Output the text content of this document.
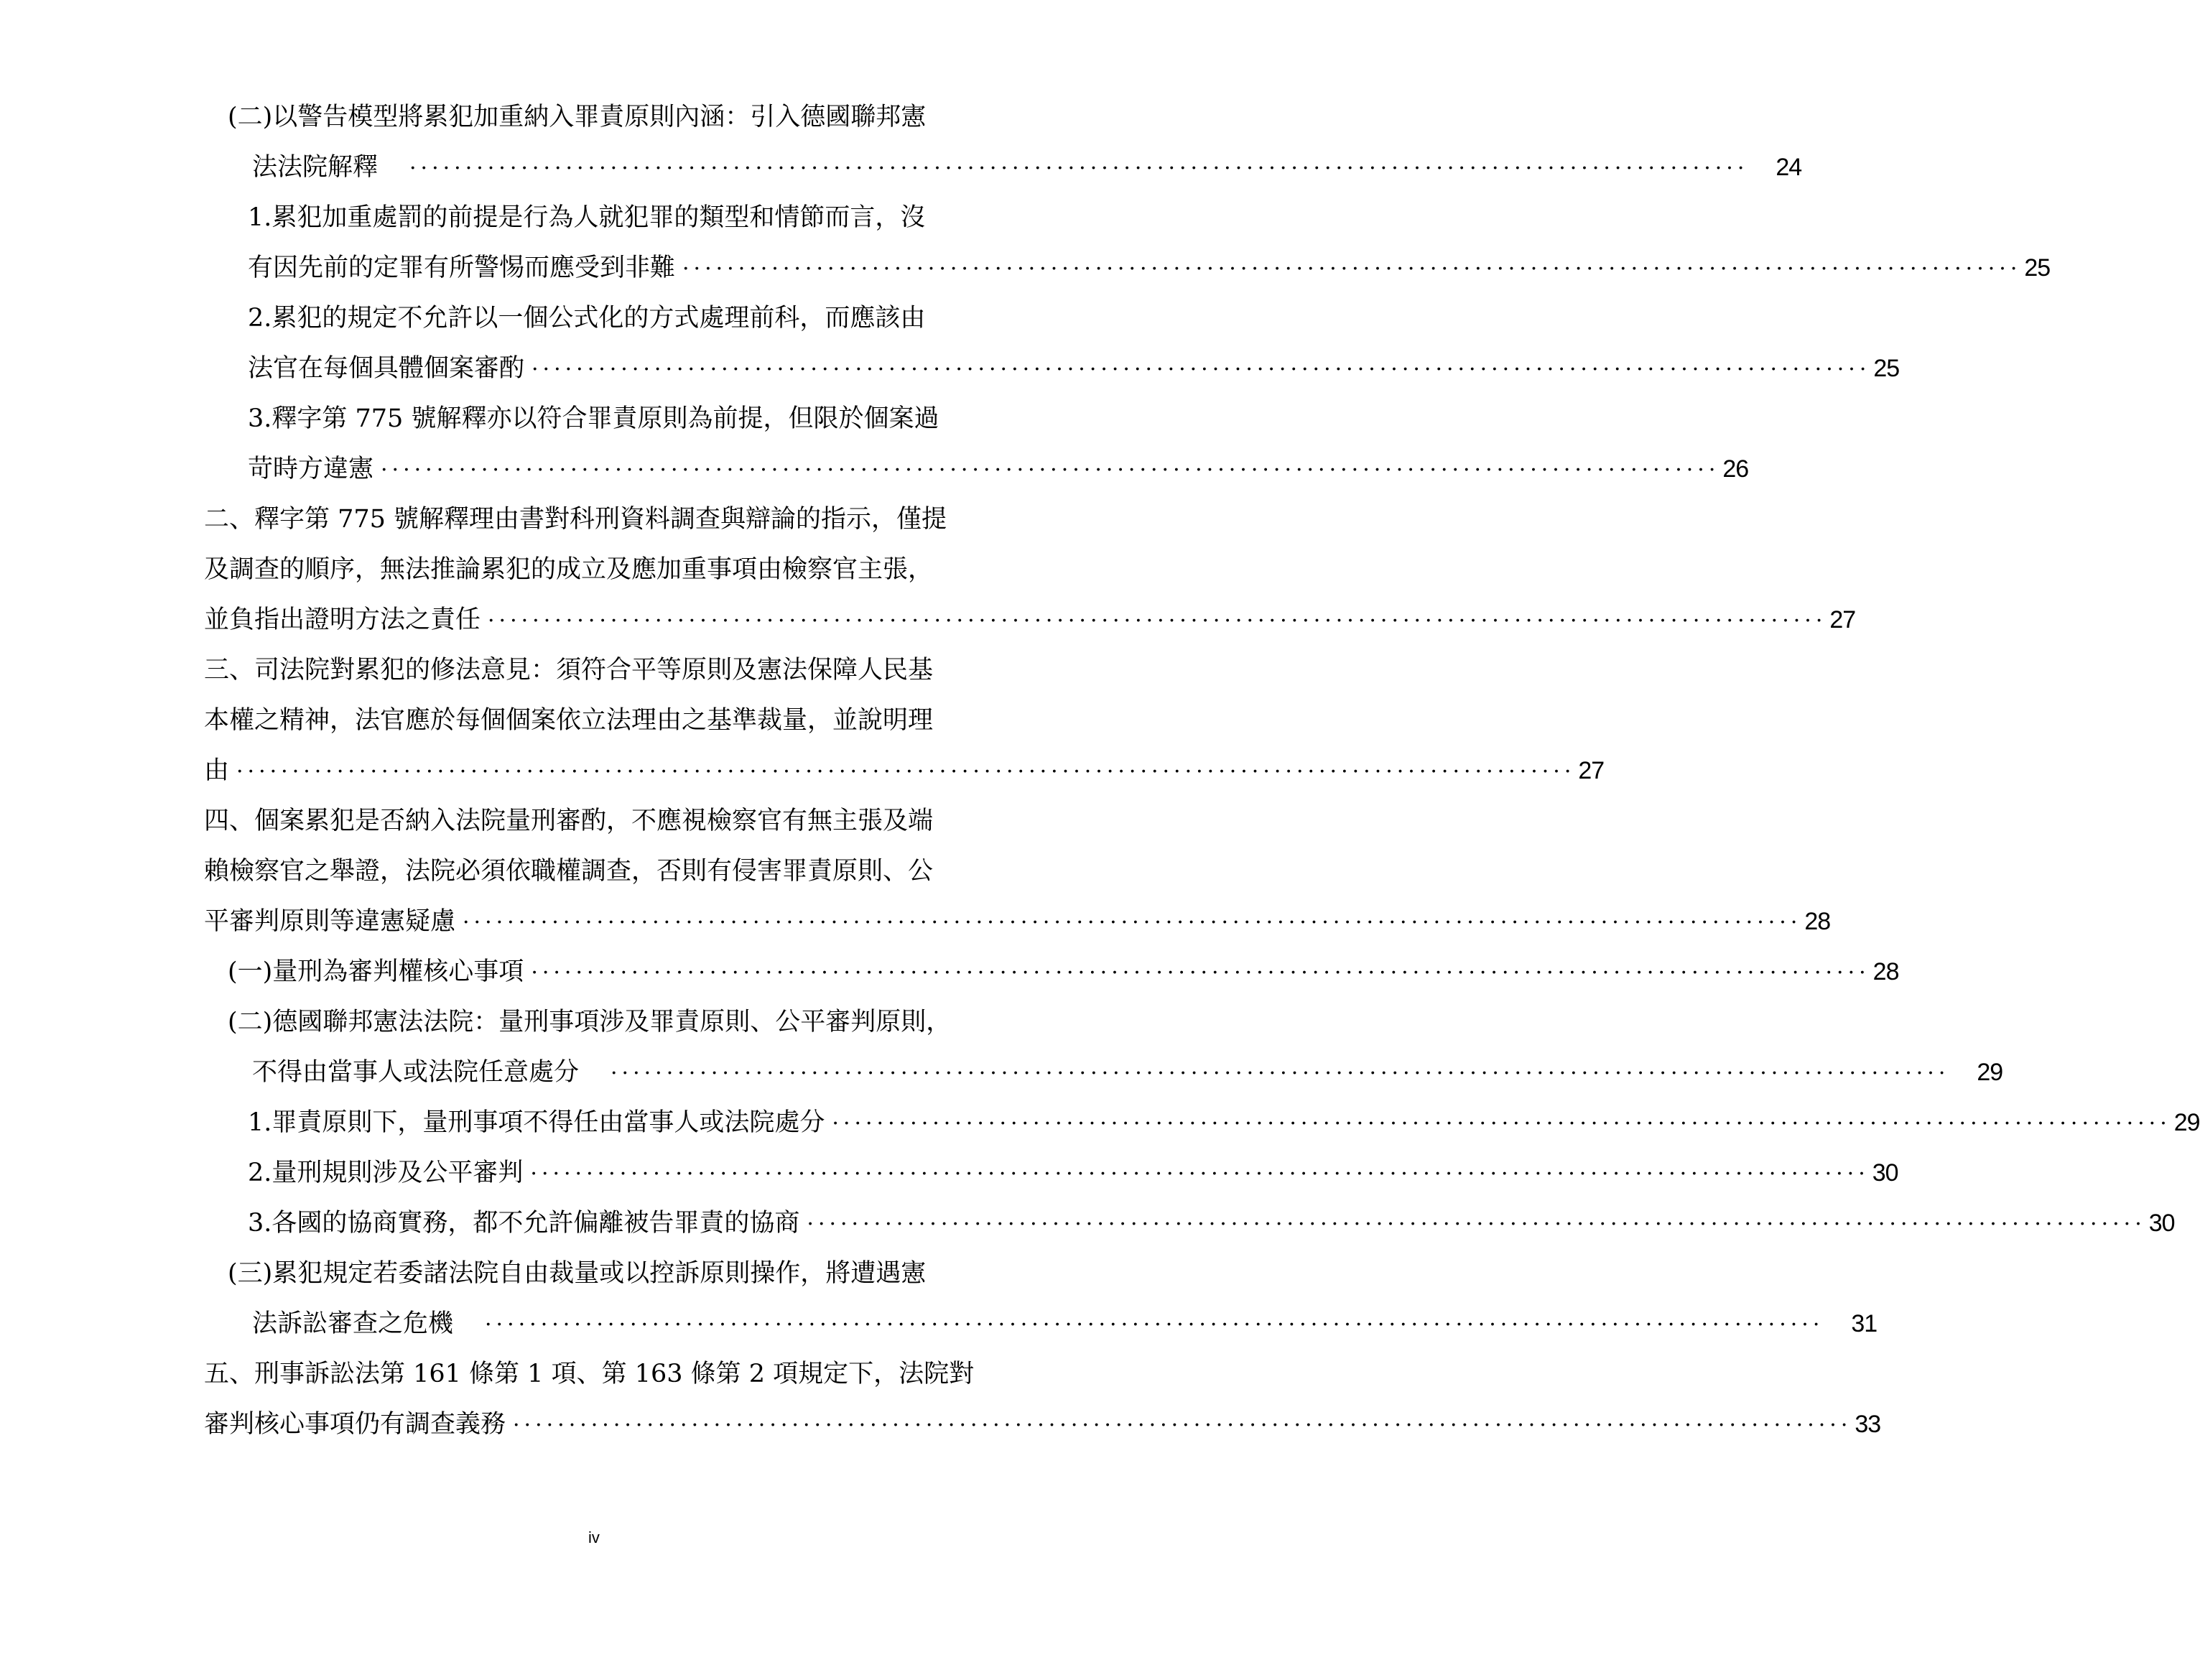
(二)以警告模型將累犯加重納入罪責原則內涵：引入德國聯邦憲
法法院解釋	························································································································	24
1.累犯加重處罰的前提是行為人就犯罪的類型和情節而言，沒
有因先前的定罪有所警惕而應受到非難 ························································································································ 25
2.累犯的規定不允許以一個公式化的方式處理前科，而應該由
法官在每個具體個案審酌 ························································································································ 25
3.釋字第 775 號解釋亦以符合罪責原則為前提，但限於個案過
苛時方違憲 ························································································································ 26
二、釋字第 775 號解釋理由書對科刑資料調查與辯論的指示，僅提
及調查的順序，無法推論累犯的成立及應加重事項由檢察官主張，
並負指出證明方法之責任 ························································································································ 27
三、司法院對累犯的修法意見：須符合平等原則及憲法保障人民基
本權之精神，法官應於每個個案依立法理由之基準裁量，並說明理
由 ························································································································ 27
四、個案累犯是否納入法院量刑審酌，不應視檢察官有無主張及端
賴檢察官之舉證，法院必須依職權調查，否則有侵害罪責原則、公
平審判原則等違憲疑慮 ························································································································ 28
(一)量刑為審判權核心事項 ························································································································ 28
(二)德國聯邦憲法法院：量刑事項涉及罪責原則、公平審判原則，
不得由當事人或法院任意處分	························································································································	29
1.罪責原則下，量刑事項不得任由當事人或法院處分 ························································································································ 29
2.量刑規則涉及公平審判 ························································································································ 30
3.各國的協商實務，都不允許偏離被告罪責的協商 ························································································································ 30
(三)累犯規定若委諸法院自由裁量或以控訴原則操作，將遭遇憲
法訴訟審查之危機	························································································································	31
五、刑事訴訟法第 161 條第 1 項、第 163 條第 2 項規定下，法院對
審判核心事項仍有調查義務 ························································································································ 33
iv
